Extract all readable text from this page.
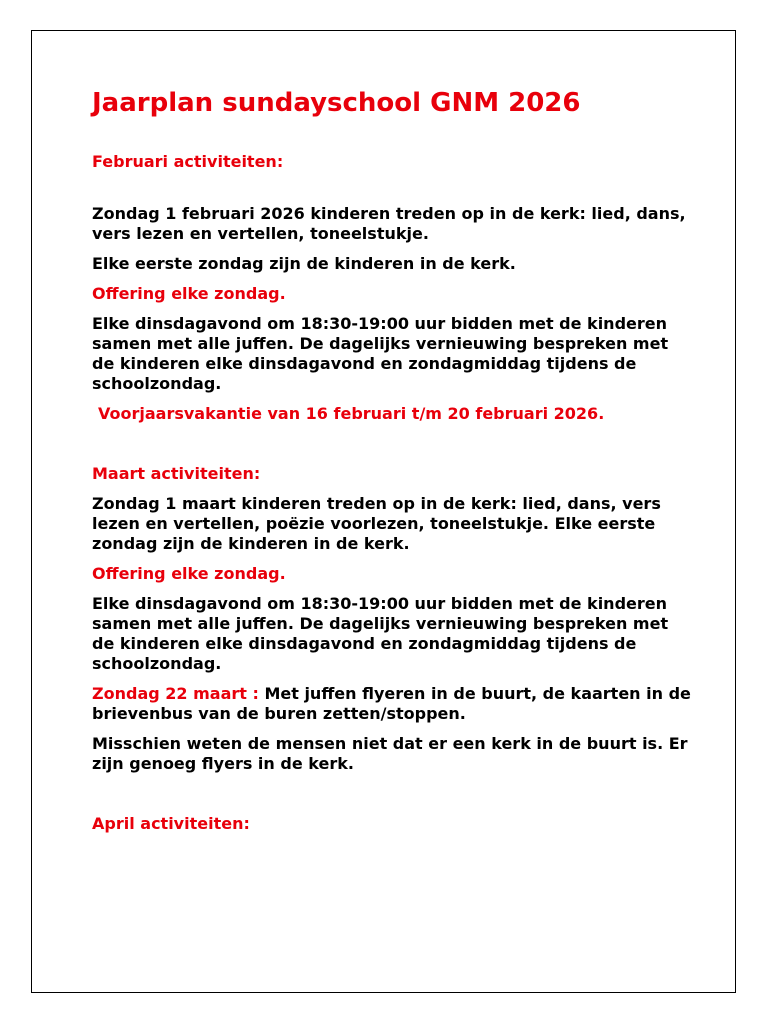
Jaarplan sundayschool GNM 2026

Februari activiteiten:

Zondag 1 februari 2026 kinderen treden op in de kerk: lied, dans, vers lezen en vertellen, toneelstukje.

Elke eerste zondag zijn de kinderen in de kerk.

Offering elke zondag.

Elke dinsdagavond om 18:30-19:00 uur bidden met de kinderen samen met alle juffen. De dagelijks vernieuwing bespreken met de kinderen elke dinsdagavond en zondagmiddag tijdens de schoolzondag.

Voorjaarsvakantie van 16 februari t/m 20 februari 2026.

Maart activiteiten:

Zondag 1 maart kinderen treden op in de kerk: lied, dans, vers lezen en vertellen, poëzie voorlezen, toneelstukje. Elke eerste zondag zijn de kinderen in de kerk.

Offering elke zondag.

Elke dinsdagavond om 18:30-19:00 uur bidden met de kinderen samen met alle juffen. De dagelijks vernieuwing bespreken met de kinderen elke dinsdagavond en zondagmiddag tijdens de schoolzondag.

Zondag 22 maart : Met juffen flyeren in de buurt, de kaarten in de brievenbus van de buren zetten/stoppen.

Misschien weten de mensen niet dat er een kerk in de buurt is. Er zijn genoeg flyers in de kerk.

April activiteiten:
